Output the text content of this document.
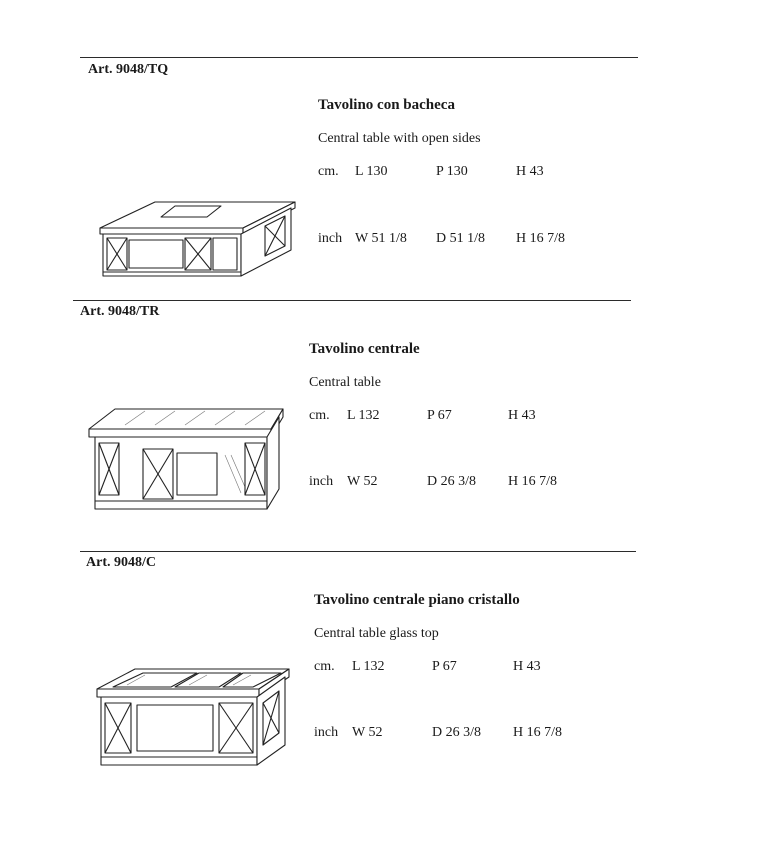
Art. 9048/TQ
Tavolino con bacheca
Central table with open sides
cm. L 130	P 130	H 43
inch W 51 1/8 D 51 1/8 H 16 7/8
Art. 9048/TR
Tavolino centrale
Central table
cm. L 132	P 67	H 43
inch W 52	D 26 3/8 H 16 7/8
Art. 9048/C
Tavolino centrale piano cristallo
Central table glass top
cm. L 132	P 67	H 43
inch W 52	D 26 3/8 H 16 7/8
